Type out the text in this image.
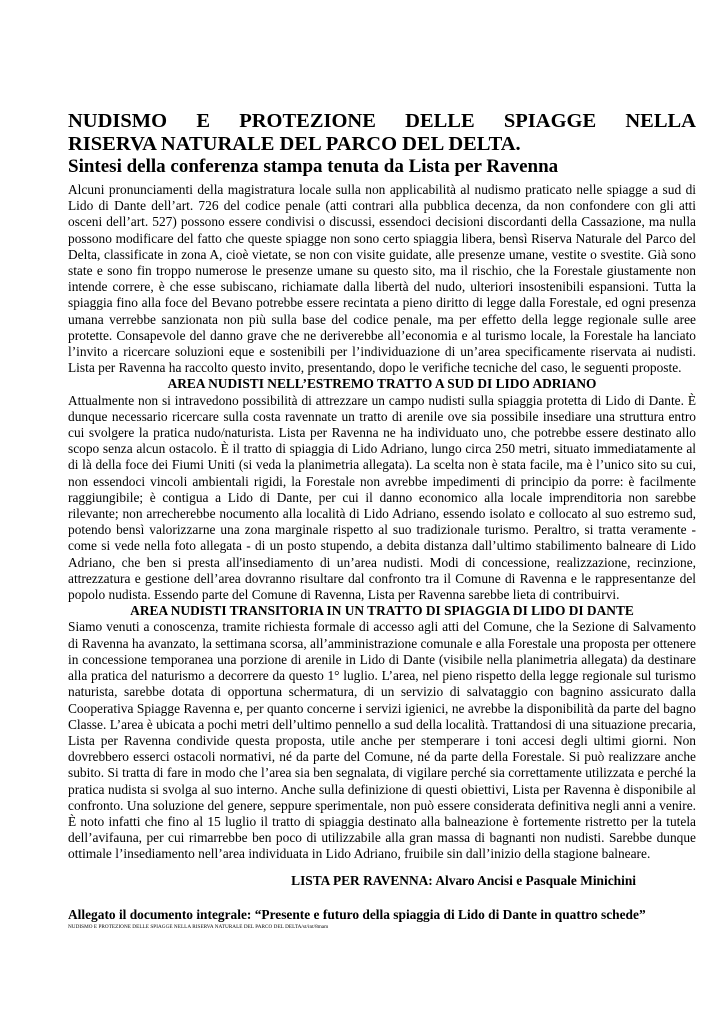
NUDISMO E PROTEZIONE DELLE SPIAGGE NELLA
RISERVA NATURALE DEL PARCO DEL DELTA.
Sintesi della conferenza stampa tenuta da Lista per Ravenna

Alcuni pronunciamenti della magistratura locale sulla non applicabilità al nudismo praticato nelle spiagge a sud di Lido di Dante dell’art. 726 del codice penale (atti contrari alla pubblica decenza, da non confondere con gli atti osceni dell’art. 527) possono essere condivisi o discussi, essendoci decisioni discordanti della Cassazione, ma nulla possono modificare del fatto che queste spiagge non sono certo spiaggia libera, bensì Riserva Naturale del Parco del Delta, classificate in zona A, cioè vietate, se non con visite guidate, alle presenze umane, vestite o svestite. Già sono state e sono fin troppo numerose le presenze umane su questo sito, ma il rischio, che la Forestale giustamente non intende correre, è che esse subiscano, richiamate dalla libertà del nudo, ulteriori insostenibili espansioni. Tutta la spiaggia fino alla foce del Bevano potrebbe essere recintata a pieno diritto di legge dalla Forestale, ed ogni presenza umana verrebbe sanzionata non più sulla base del codice penale, ma per effetto della legge regionale sulle aree protette. Consapevole del danno grave che ne deriverebbe all’economia e al turismo locale, la Forestale ha lanciato l’invito a ricercare soluzioni eque e sostenibili per l’individuazione di un’area specificamente riservata ai nudisti. Lista per Ravenna ha raccolto questo invito, presentando, dopo le verifiche tecniche del caso, le seguenti proposte.

AREA NUDISTI NELL’ESTREMO TRATTO A SUD DI LIDO ADRIANO

Attualmente non si intravedono possibilità di attrezzare un campo nudisti sulla spiaggia protetta di Lido di Dante. È dunque necessario ricercare sulla costa ravennate un tratto di arenile ove sia possibile insediare una struttura entro cui svolgere la pratica nudo/naturista. Lista per Ravenna ne ha individuato uno, che potrebbe essere destinato allo scopo senza alcun ostacolo. È il tratto di spiaggia di Lido Adriano, lungo circa 250 metri, situato immediatamente al di là della foce dei Fiumi Uniti (si veda la planimetria allegata). La scelta non è stata facile, ma è l’unico sito su cui, non essendoci vincoli ambientali rigidi, la Forestale non avrebbe impedimenti di principio da porre: è facilmente raggiungibile; è contigua a Lido di Dante, per cui il danno economico alla locale imprenditoria non sarebbe rilevante; non arrecherebbe nocumento alla località di Lido Adriano, essendo isolato e collocato al suo estremo sud, potendo bensì valorizzarne una zona marginale rispetto al suo tradizionale turismo. Peraltro, si tratta veramente - come si vede nella foto allegata - di un posto stupendo, a debita distanza dall’ultimo stabilimento balneare di Lido Adriano, che ben si presta all'insediamento di un’area nudisti. Modi di concessione, realizzazione, recinzione, attrezzatura e gestione dell’area dovranno risultare dal confronto tra il Comune di Ravenna e le rappresentanze del popolo nudista. Essendo parte del Comune di Ravenna, Lista per Ravenna sarebbe lieta di contribuirvi.

AREA NUDISTI TRANSITORIA IN UN TRATTO DI SPIAGGIA DI LIDO DI DANTE

Siamo venuti a conoscenza, tramite richiesta formale di accesso agli atti del Comune, che la Sezione di Salvamento di Ravenna ha avanzato, la settimana scorsa, all’amministrazione comunale e alla Forestale una proposta per ottenere in concessione temporanea una porzione di arenile in Lido di Dante (visibile nella planimetria allegata) da destinare alla pratica del naturismo a decorrere da questo 1° luglio. L’area, nel pieno rispetto della legge regionale sul turismo naturista, sarebbe dotata di opportuna schermatura, di un servizio di salvataggio con bagnino assicurato dalla Cooperativa Spiagge Ravenna e, per quanto concerne i servizi igienici, ne avrebbe la disponibilità da parte del bagno Classe. L’area è ubicata a pochi metri dell’ultimo pennello a sud della località. Trattandosi di una situazione precaria, Lista per Ravenna condivide questa proposta, utile anche per stemperare i toni accesi degli ultimi giorni. Non dovrebbero esserci ostacoli normativi, né da parte del Comune, né da parte della Forestale. Si può realizzare anche subito. Si tratta di fare in modo che l’area sia ben segnalata, di vigilare perché sia correttamente utilizzata e perché la pratica nudista si svolga al suo interno. Anche sulla definizione di questi obiettivi, Lista per Ravenna è disponibile al confronto. Una soluzione del genere, seppure sperimentale, non può essere considerata definitiva negli anni a venire. È noto infatti che fino al 15 luglio il tratto di spiaggia destinato alla balneazione è fortemente ristretto per la tutela dell’avifauna, per cui rimarrebbe ben poco di utilizzabile alla gran massa di bagnanti non nudisti. Sarebbe dunque ottimale l’insediamento nell’area individuata in Lido Adriano, fruibile sin dall’inizio della stagione balneare.

LISTA PER RAVENNA: Alvaro Ancisi e Pasquale Minichini

Allegato il documento integrale: “Presente e futuro della spiaggia di Lido di Dante in quattro schede”

NUDISMO E PROTEZIONE DELLE SPIAGGE NELLA RISERVA NATURALE DEL PARCO DEL DELTA/st/int/8mam
